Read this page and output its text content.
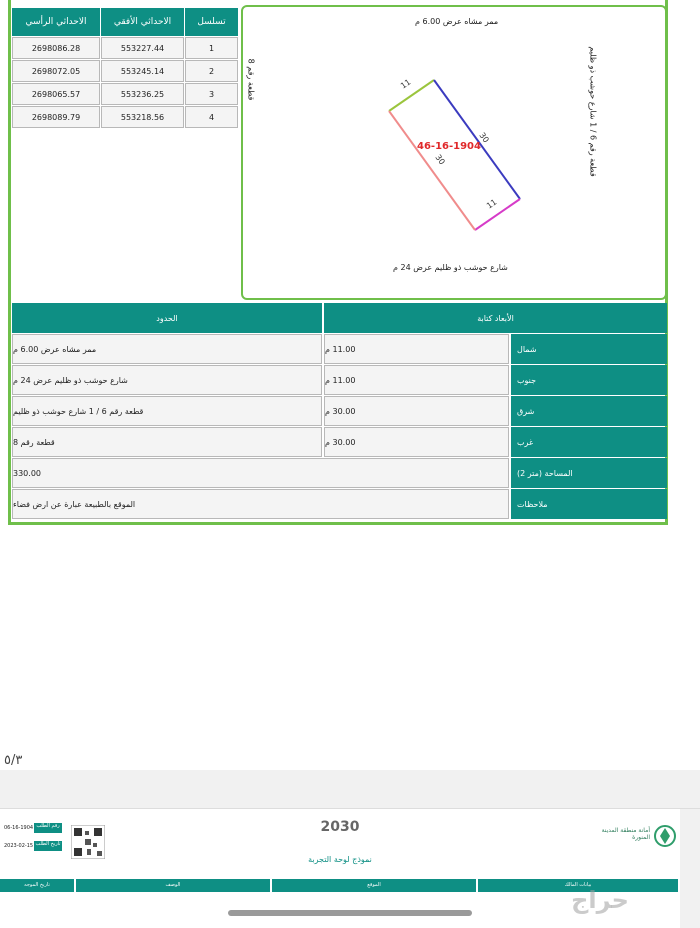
الاحداثي الرأسي	الاحداثي الأفقي	تسلسل
2698086.28	553227.44	1
2698072.05	553245.14	2
2698065.57	553236.25	3
2698089.79	553218.56	4
ممر مشاه عرض 6.00 م
شارع حوشب ذو ظليم عرض 24 م
قطعة رقم 8	قطعة رقم 6 / 1 شارع حوشب ذو ظليم
11
11
30
30
46-16-1904
الحدود	الأبعاد كتابة
ممر مشاه عرض 6.00 م	11.00 م	شمال
شارع حوشب ذو ظليم عرض 24 م	11.00 م	جنوب
قطعة رقم 6 / 1 شارع حوشب ذو ظليم	30.00 م	شرق
قطعة رقم 8	30.00 م	غرب
330.00	المساحة (متر 2)
الموقع بالطبيعة عبارة عن ارض فضاء	ملاحظات
٥/٣
أمانة منطقة المدينة المنورة
2030
نموذج لوحة التجربة
06-16-1904 رقم الطلب
2023-02-15 تاريخ الطلب
تاريخ الموجه	الوصف	الموقع	بيانات المالك
حراج
